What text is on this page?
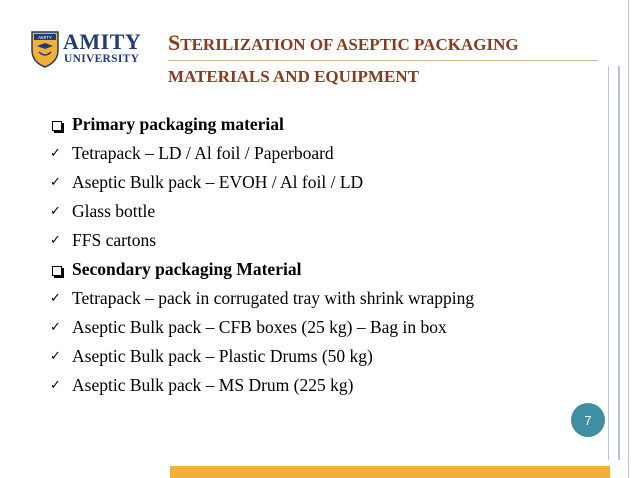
AMITY AMITY
UNIVERSITY
STERILIZATION OF ASEPTIC PACKAGING
MATERIALS AND EQUIPMENT
Primary packaging material
✓ Tetrapack – LD / Al foil / Paperboard
✓ Aseptic Bulk pack – EVOH / Al foil / LD
✓ Glass bottle
✓ FFS cartons
Secondary packaging Material
✓ Tetrapack – pack in corrugated tray with shrink wrapping
✓ Aseptic Bulk pack – CFB boxes (25 kg) – Bag in box
✓ Aseptic Bulk pack – Plastic Drums (50 kg)
✓ Aseptic Bulk pack – MS Drum (225 kg)
7
